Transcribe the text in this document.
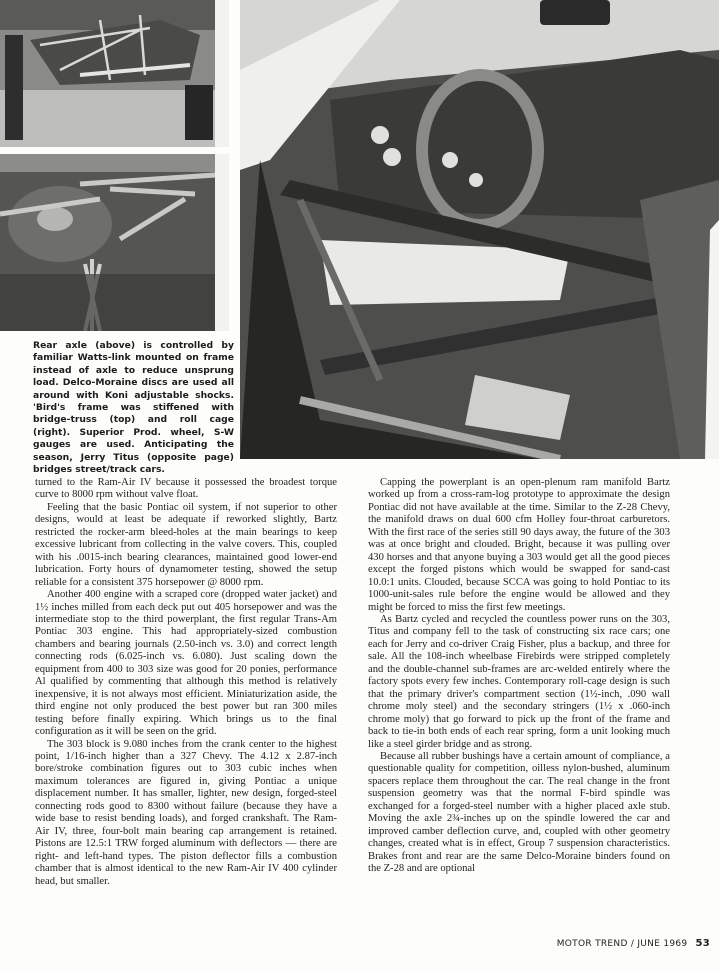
Rear axle (above) is controlled by familiar Watts-link mounted on frame instead of axle to reduce unsprung load. Delco-Moraine discs are used all around with Koni adjustable shocks. 'Bird's frame was stiffened with bridge-truss (top) and roll cage (right). Superior Prod. wheel, S-W gauges are used. Anticipating the season, Jerry Titus (opposite page) bridges street/track cars.

turned to the Ram-Air IV because it possessed the broadest torque curve to 8000 rpm without valve float.

Feeling that the basic Pontiac oil system, if not superior to other designs, would at least be adequate if reworked slightly, Bartz restricted the rocker-arm bleed-holes at the main bearings to keep excessive lubricant from collecting in the valve covers. This, coupled with his .0015-inch bearing clearances, maintained good lower-end lubrication. Forty hours of dynamometer testing, showed the setup reliable for a consistent 375 horsepower @ 8000 rpm.

Another 400 engine with a scraped core (dropped water jacket) and 1½ inches milled from each deck put out 405 horsepower and was the intermediate stop to the third powerplant, the first regular Trans-Am Pontiac 303 engine. This had appropriately-sized combustion chambers and bearing journals (2.50-inch vs. 3.0) and correct length connecting rods (6.025-inch vs. 6.080). Just scaling down the equipment from 400 to 303 size was good for 20 ponies, performance Al qualified by commenting that although this method is relatively inexpensive, it is not always most efficient. Miniaturization aside, the third engine not only produced the best power but ran 300 miles testing before finally expiring. Which brings us to the final configuration as it will be seen on the grid.

The 303 block is 9.080 inches from the crank center to the highest point, 1/16-inch higher than a 327 Chevy. The 4.12 x 2.87-inch bore/stroke combination figures out to 303 cubic inches when maximum tolerances are figured in, giving Pontiac a unique displacement number. It has smaller, lighter, new design, forged-steel connecting rods good to 8300 without failure (because they have a wide base to resist bending loads), and forged crankshaft. The Ram-Air IV, three, four-bolt main bearing cap arrangement is retained. Pistons are 12.5:1 TRW forged aluminum with deflectors — there are right- and left-hand types. The piston deflector fills a combustion chamber that is almost identical to the new Ram-Air IV 400 cylinder head, but smaller.

Capping the powerplant is an open-plenum ram manifold Bartz worked up from a cross-ram-log prototype to approximate the design Pontiac did not have available at the time. Similar to the Z-28 Chevy, the manifold draws on dual 600 cfm Holley four-throat carburetors. With the first race of the series still 90 days away, the future of the 303 was at once bright and clouded. Bright, because it was pulling over 430 horses and that anyone buying a 303 would get all the good pieces except the forged pistons which would be swapped for sand-cast 10.0:1 units. Clouded, because SCCA was going to hold Pontiac to its 1000-unit-sales rule before the engine would be allowed and they might be forced to miss the first few meetings.

As Bartz cycled and recycled the countless power runs on the 303, Titus and company fell to the task of constructing six race cars; one each for Jerry and co-driver Craig Fisher, plus a backup, and three for sale. All the 108-inch wheelbase Firebirds were stripped completely and the double-channel sub-frames are arc-welded entirely where the factory spots every few inches. Contemporary roll-cage design is such that the primary driver's compartment section (1½-inch, .090 wall chrome moly steel) and the secondary stringers (1½ x .060-inch chrome moly) that go forward to pick up the front of the frame and back to tie-in both ends of each rear spring, form a unit looking much like a steel girder bridge and as strong.

Because all rubber bushings have a certain amount of compliance, a questionable quality for competition, oilless nylon-bushed, aluminum spacers replace them throughout the car. The real change in the front suspension geometry was that the normal F-bird spindle was exchanged for a forged-steel number with a higher placed axle stub. Moving the axle 2¾-inches up on the spindle lowered the car and improved camber deflection curve, and, coupled with other geometry changes, created what is in effect, Group 7 suspension characteristics. Brakes front and rear are the same Delco-Moraine binders found on the Z-28 and are optional

MOTOR TREND / JUNE 1969 53
